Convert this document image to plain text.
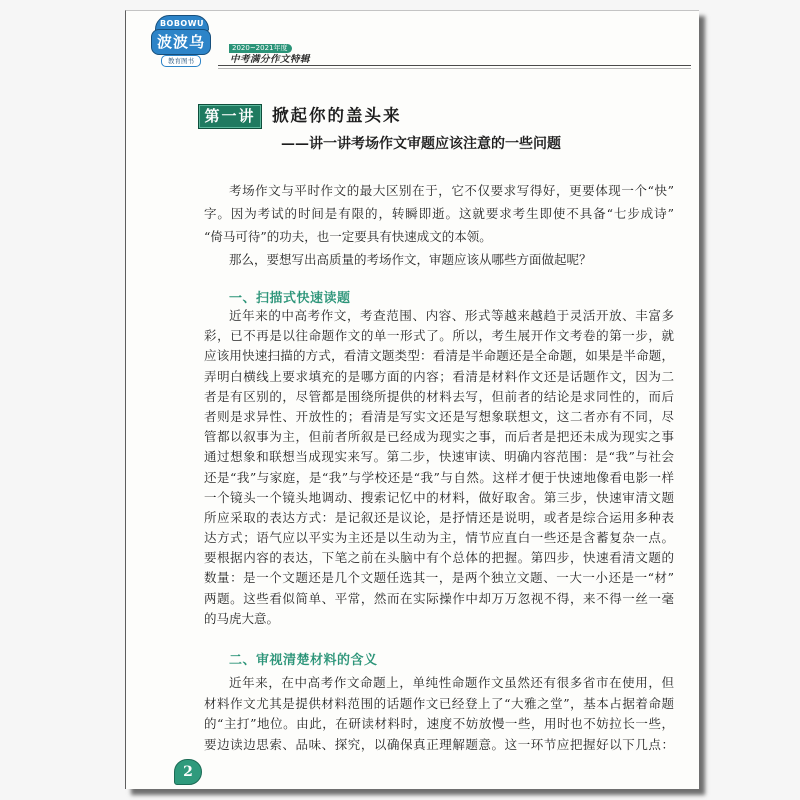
BOBOWU
波波乌
教育图书
2020~2021年度
中考满分作文特辑
第一讲	掀起你的盖头来
——讲一讲考场作文审题应该注意的一些问题
考场作文与平时作文的最大区别在于，它不仅要求写得好，更要体现一个“快”
字。因为考试的时间是有限的，转瞬即逝。这就要求考生即使不具备“七步成诗”
“倚马可待”的功夫，也一定要具有快速成文的本领。
那么，要想写出高质量的考场作文，审题应该从哪些方面做起呢？
一、扫描式快速读题
近年来的中高考作文，考查范围、内容、形式等越来越趋于灵活开放、丰富多
彩，已不再是以往命题作文的单一形式了。所以，考生展开作文考卷的第一步，就
应该用快速扫描的方式，看清文题类型：看清是半命题还是全命题，如果是半命题，
弄明白横线上要求填充的是哪方面的内容；看清是材料作文还是话题作文，因为二
者是有区别的，尽管都是围绕所提供的材料去写，但前者的结论是求同性的，而后
者则是求异性、开放性的；看清是写实文还是写想象联想文，这二者亦有不同，尽
管都以叙事为主，但前者所叙是已经成为现实之事，而后者是把还未成为现实之事
通过想象和联想当成现实来写。第二步，快速审读、明确内容范围：是“我”与社会
还是“我”与家庭，是“我”与学校还是“我”与自然。这样才便于快速地像看电影一样
一个镜头一个镜头地调动、搜索记忆中的材料，做好取舍。第三步，快速审清文题
所应采取的表达方式：是记叙还是议论，是抒情还是说明，或者是综合运用多种表
达方式；语气应以平实为主还是以生动为主，情节应直白一些还是含蓄复杂一点。
要根据内容的表达，下笔之前在头脑中有个总体的把握。第四步，快速看清文题的
数量：是一个文题还是几个文题任选其一，是两个独立文题、一大一小还是一“材”
两题。这些看似简单、平常，然而在实际操作中却万万忽视不得，来不得一丝一毫
的马虎大意。
二、审视清楚材料的含义
近年来，在中高考作文命题上，单纯性命题作文虽然还有很多省市在使用，但
材料作文尤其是提供材料范围的话题作文已经登上了“大雅之堂”，基本占据着命题
的“主打”地位。由此，在研读材料时，速度不妨放慢一些，用时也不妨拉长一些，
要边读边思索、品味、探究，以确保真正理解题意。这一环节应把握好以下几点：
2
